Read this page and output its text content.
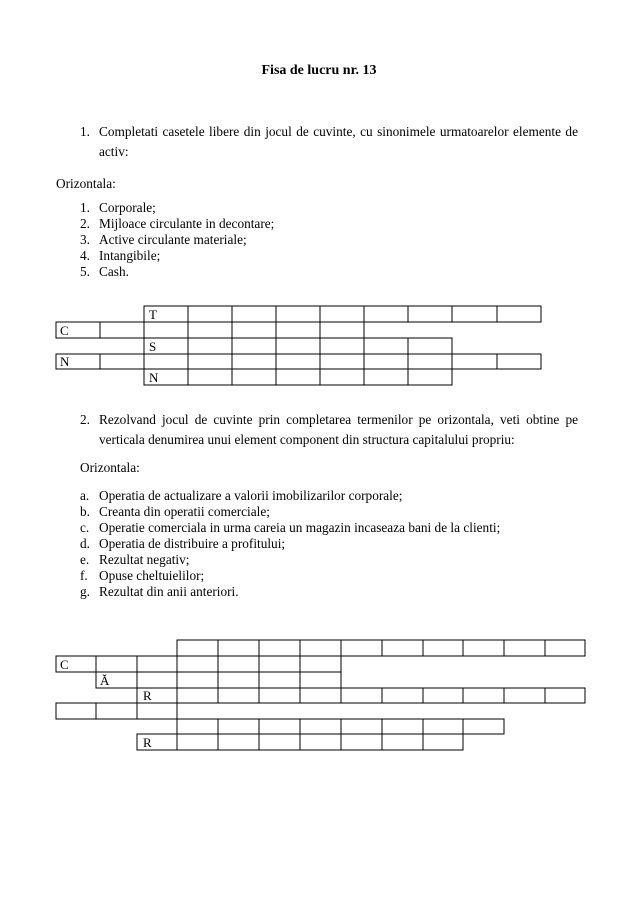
Fisa de lucru nr. 13
1. Completati casetele libere din jocul de cuvinte, cu sinonimele urmatoarelor elemente de
activ:
Orizontala:
1. Corporale;
2. Mijloace circulante in decontare;
3. Active circulante materiale;
4. Intangibile;
5. Cash.
T
C
S
N
N
2. Rezolvand jocul de cuvinte prin completarea termenilor pe orizontala, veti obtine pe
verticala denumirea unui element component din structura capitalului propriu:
Orizontala:
a. Operatia de actualizare a valorii imobilizarilor corporale;
b. Creanta din operatii comerciale;
c. Operatie comerciala in urma careia un magazin incaseaza bani de la clienti;
d. Operatia de distribuire a profitului;
e. Rezultat negativ;
f. Opuse cheltuielilor;
g. Rezultat din anii anteriori.
C
Ă
R
R
